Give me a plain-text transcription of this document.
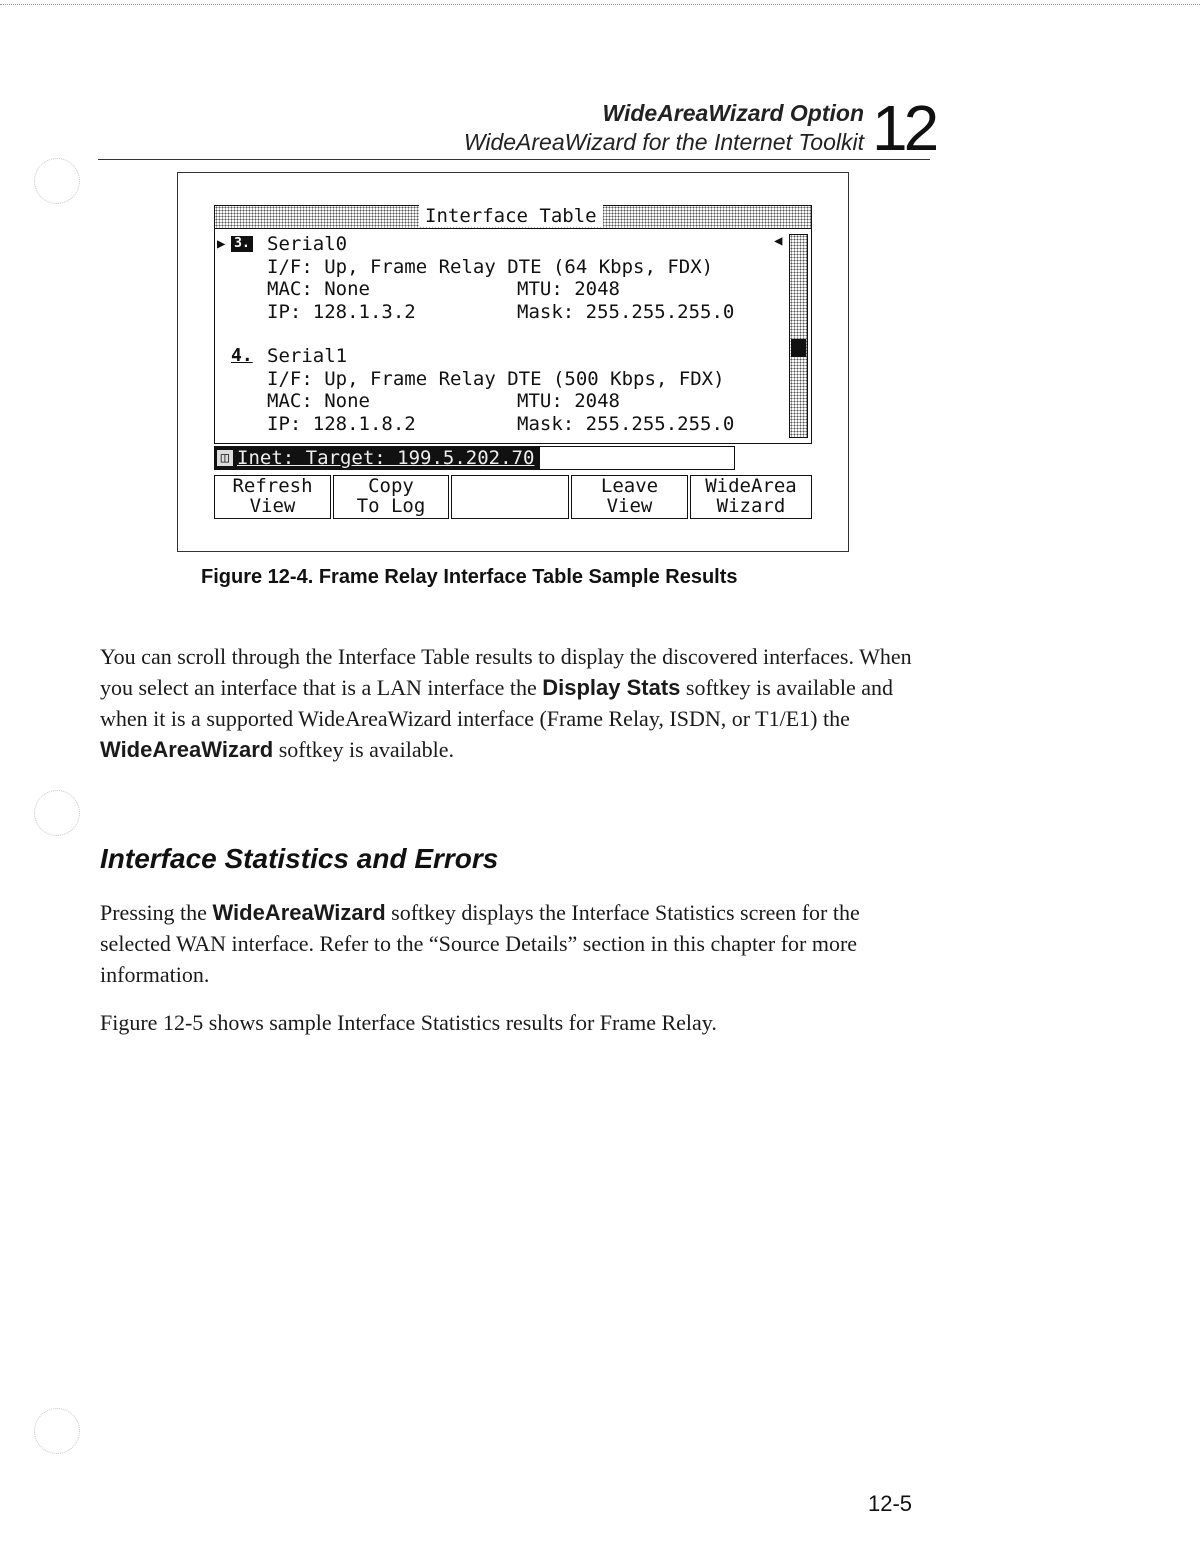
WideAreaWizard Option
WideAreaWizard for the Internet Toolkit 12
Interface Table
▶ 3. Serial0
I/F: Up, Frame Relay DTE (64 Kbps, FDX)
MAC: None	MTU: 2048
IP: 128.1.3.2	Mask: 255.255.255.0
4. Serial1
I/F: Up, Frame Relay DTE (500 Kbps, FDX)
MAC: None	MTU: 2048
IP: 128.1.8.2	Mask: 255.255.255.0
◀
◫ Inet: Target: 199.5.202.70
Refresh
View
Copy
To Log
Leave
View
WideArea
Wizard
Figure 12-4. Frame Relay Interface Table Sample Results
You can scroll through the Interface Table results to display the discovered interfaces. When you select an interface that is a LAN interface the Display Stats softkey is available and when it is a supported WideAreaWizard interface (Frame Relay, ISDN, or T1/E1) the WideAreaWizard softkey is available.
Interface Statistics and Errors
Pressing the WideAreaWizard softkey displays the Interface Statistics screen for the selected WAN interface. Refer to the “Source Details” section in this chapter for more information.
Figure 12-5 shows sample Interface Statistics results for Frame Relay.
12-5
